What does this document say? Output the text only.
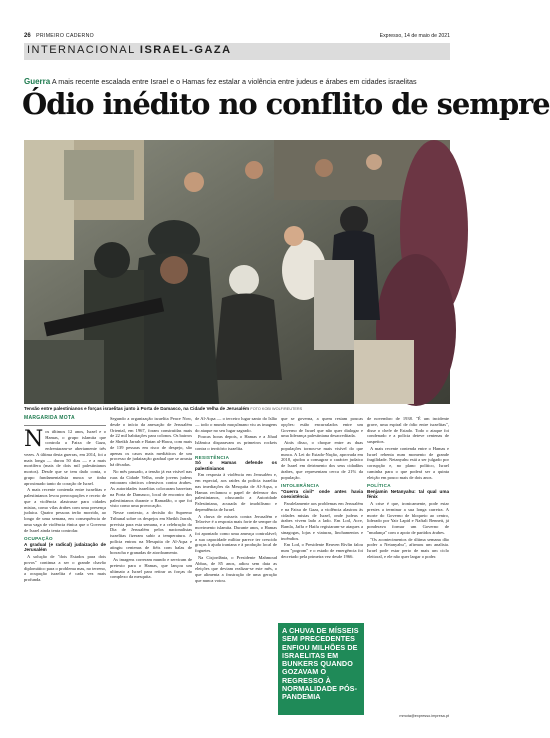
26 PRIMEIRO CADERNO	Expresso, 14 de maio de 2021
INTERNACIONAL ISRAEL-GAZA
Guerra A mais recente escalada entre Israel e o Hamas fez estalar a violência entre judeus e árabes em cidades israelitas
Ódio inédito no conflito de sempre
Tensão entre palestinianos e forças israelitas junto à Porta de Damasco, na Cidade Velha de Jerusalém FOTO KOBI WOLF/REUTERS
MARGARIDA MOTA
N os últimos 12 anos, Israel e o Hamas, o grupo islamita que controla a Faixa de Gaza, enfrentaram-se abertamente três vezes. A última desta guerras, em 2014, foi a mais longa — durou 50 dias — e a mais mortífera (mais de dois mil palestinianos mortos). Desde que se tem dado conta, o grupo fundamentalista nunca se tinha aproximado tanto do coração de Israel.

A mais recente contenda entre israelitas e palestinianos levou preocupações e receio de que a violência alastrasse para cidades mistas, como vilas árabes com uma presença judaica. Quatro pessoas terão morrido, ao longo de uma semana, em consequência de uma vaga de violência étnica que o Governo de Israel ainda tenta controlar.

OCUPAÇÃO
A gradual (e radical) judaização de Jerusalém

A solução de "dois Estados para dois povos" continua a ser o grande chavão diplomático para o problema mas, no terreno, a ocupação israelita é cada vez mais profunda.

Segundo a organização israelita Peace Now, desde o início da anexação de Jerusalém Oriental, em 1967, foram construídas mais de 22 mil habitações para colonos. Os bairros de Sheikh Jarrah e Batan al-Hawa, com mais de 139 pessoas em risco de despejo, são apenas os casos mais mediáticos de um processo de judaização gradual que se arrasta há décadas.

No mês passado, a tensão já era visível nas ruas da Cidade Velha, onde jovens judeus entoaram cânticos ofensivos contra árabes. As autoridades israelitas colocaram barreiras na Porta de Damasco, local de encontro dos palestinianos durante o Ramadão, o que foi visto como uma provocação.

Nesse contexto, a decisão do Supremo Tribunal sobre os despejos em Sheikh Jarrah, prevista para esta semana, e a celebração do Dia de Jerusalém pelos nacionalistas israelitas fizeram subir a temperatura. A polícia entrou na Mesquita de Al-Aqsa e atingiu centenas de fiéis com balas de borracha e granadas de atordoamento.

As imagens correram mundo e serviram de pretexto para o Hamas, que lançou um ultimato a Israel para retirar as forças do complexo da mesquita.

de Al-Aqsa — o terceiro lugar santo do Islão — todo o mundo muçulmano viu as imagens do ataque no seu lugar sagrado.

Poucas horas depois, o Hamas e a Jihad Islâmica disparavam os primeiros rockets contra o território israelita.

RESISTÊNCIA
Só o Hamas defende os palestinianos

Em resposta à violência em Jerusalém e, em especial, aos raides da polícia israelita nas imediações da Mesquita de Al-Aqsa, o Hamas reclamou o papel de defensor dos palestinianos, ofuscando a Autoridade Palestiniana, acusada de imobilismo e dependência de Israel.

A chuva de mísseis contra Jerusalém e Telavive é a resposta mais forte de sempre do movimento islamita. Durante anos, o Hamas foi apontado como uma ameaça controlável; a sua capacidade militar parece ter crescido graças à ajuda iraniana e à produção local de foguetes.

Na Cisjordânia, o Presidente Mahmoud Abbas, de 85 anos, adiou sem data as eleições que deviam realizar-se este mês, o que alimenta a frustração de uma geração que nunca votou.

que se governa, a quem restam poucas opções: estão encurralados entre um Governo de Israel que não quer dialogar e uma liderança palestiniana desacreditada.

Atrás disso, o choque entre as duas populações tornou-se mais visível do que nunca. A Lei do Estado-Nação, aprovada em 2018, ajudou a consagrar o carácter judaico de Israel em detrimento dos seus cidadãos árabes, que representam cerca de 21% da população.

INTOLERÂNCIA
"Guerra civil" onde antes havia coexistência

Paralelamente aos problemas em Jerusalém e na Faixa de Gaza, a violência alastrou às cidades mistas de Israel, onde judeus e árabes vivem lado a lado. Em Lod, Acre, Ramla, Jaffa e Haifa registaram-se ataques a sinagogas, lojas e viaturas, linchamentos e incêndios.

Em Lod, o Presidente Reuven Rivlin falou num "pogrom" e o estado de emergência foi decretado pela primeira vez desde 1966.

A CHUVA DE MÍSSEIS SEM PRECEDENTES ENFIOU MILHÕES DE ISRAELITAS EM BUNKERS QUANDO GOZAVAM O REGRESSO À NORMALIDADE PÓS-PANDEMIA

de novembro de 1938. "É um incidente grave, uma espiral de ódio entre israelitas", disse o chefe de Estado. Todo o ataque foi condenado e a polícia deteve centenas de suspeitos.

A mais recente contenda entre o Hamas e Israel rebenta num momento de grande fragilidade. Netanyahu está a ser julgado por corrupção e, no plano político, Israel caminha para o que poderá ser a quinta eleição em pouco mais de dois anos.

POLÍTICA
Benjamin Netanyahu: tal qual uma fénix

A crise é que, ironicamente, pode estar prestes a terminar a sua longa carreira. A morte do Governo de bloqueio ao centro, liderado por Yair Lapid e Naftali Bennett, já ponderava formar um Governo de "mudança" com o apoio de partidos árabes.

"Os acontecimentos de última semana dão poder a Netanyahu", afirmou um analista. Israel pode estar perto de mais um ciclo eleitoral, e ele não quer largar o poder.

mmota@expresso.impresa.pt
